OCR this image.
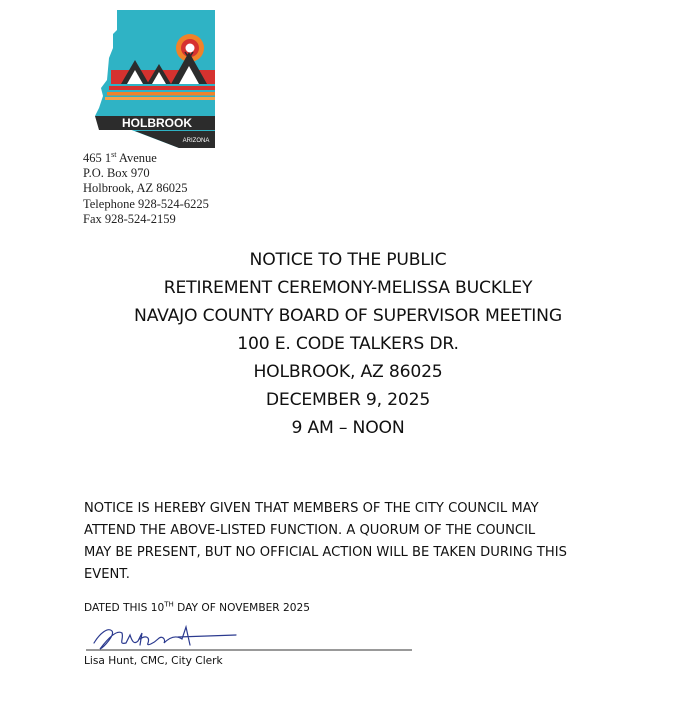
HOLBROOK
ARIZONA
465 1st Avenue
P.O. Box 970
Holbrook, AZ 86025
Telephone 928-524-6225
Fax 928-524-2159
NOTICE TO THE PUBLIC
RETIREMENT CEREMONY-MELISSA BUCKLEY
NAVAJO COUNTY BOARD OF SUPERVISOR MEETING
100 E. CODE TALKERS DR.
HOLBROOK, AZ 86025
DECEMBER 9, 2025
9 AM – NOON
NOTICE IS HEREBY GIVEN THAT MEMBERS OF THE CITY COUNCIL MAY
ATTEND THE ABOVE-LISTED FUNCTION. A QUORUM OF THE COUNCIL
MAY BE PRESENT, BUT NO OFFICIAL ACTION WILL BE TAKEN DURING THIS
EVENT.
DATED THIS 10TH DAY OF NOVEMBER 2025
Lisa Hunt, CMC, City Clerk
